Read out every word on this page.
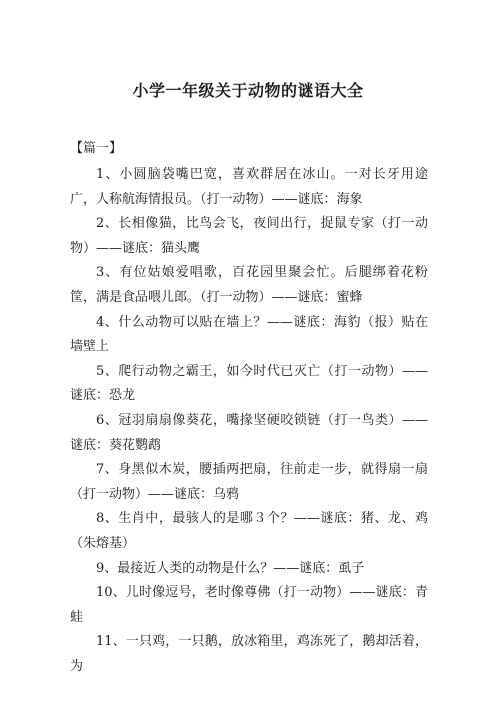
小学一年级关于动物的谜语大全

【篇一】

1、小圆脑袋嘴巴宽，喜欢群居在冰山。一对长牙用途广，人称航海情报员。（打一动物）——谜底：海象
2、长相像猫，比鸟会飞，夜间出行，捉鼠专家（打一动物）——谜底：猫头鹰
3、有位姑娘爱唱歌，百花园里聚会忙。后腿绑着花粉筐，满是食品喂儿郎。（打一动物）——谜底：蜜蜂
4、什么动物可以贴在墙上？——谜底：海豹（报）贴在墙壁上
5、爬行动物之霸王，如今时代已灭亡（打一动物）——谜底：恐龙
6、冠羽扇扇像葵花，嘴掾坚硬咬锁链（打一鸟类）——谜底：葵花鹦鹉
7、身黑似木炭，腰插两把扇，往前走一步，就得扇一扇（打一动物）——谜底：乌鸦
8、生肖中，最骇人的是哪３个？——谜底：猪、龙、鸡（朱熔基）
9、最接近人类的动物是什么？——谜底：虱子
10、儿时像逗号，老时像尊佛（打一动物）——谜底：青蛙
11、一只鸡，一只鹅，放冰箱里，鸡冻死了，鹅却活着，为
